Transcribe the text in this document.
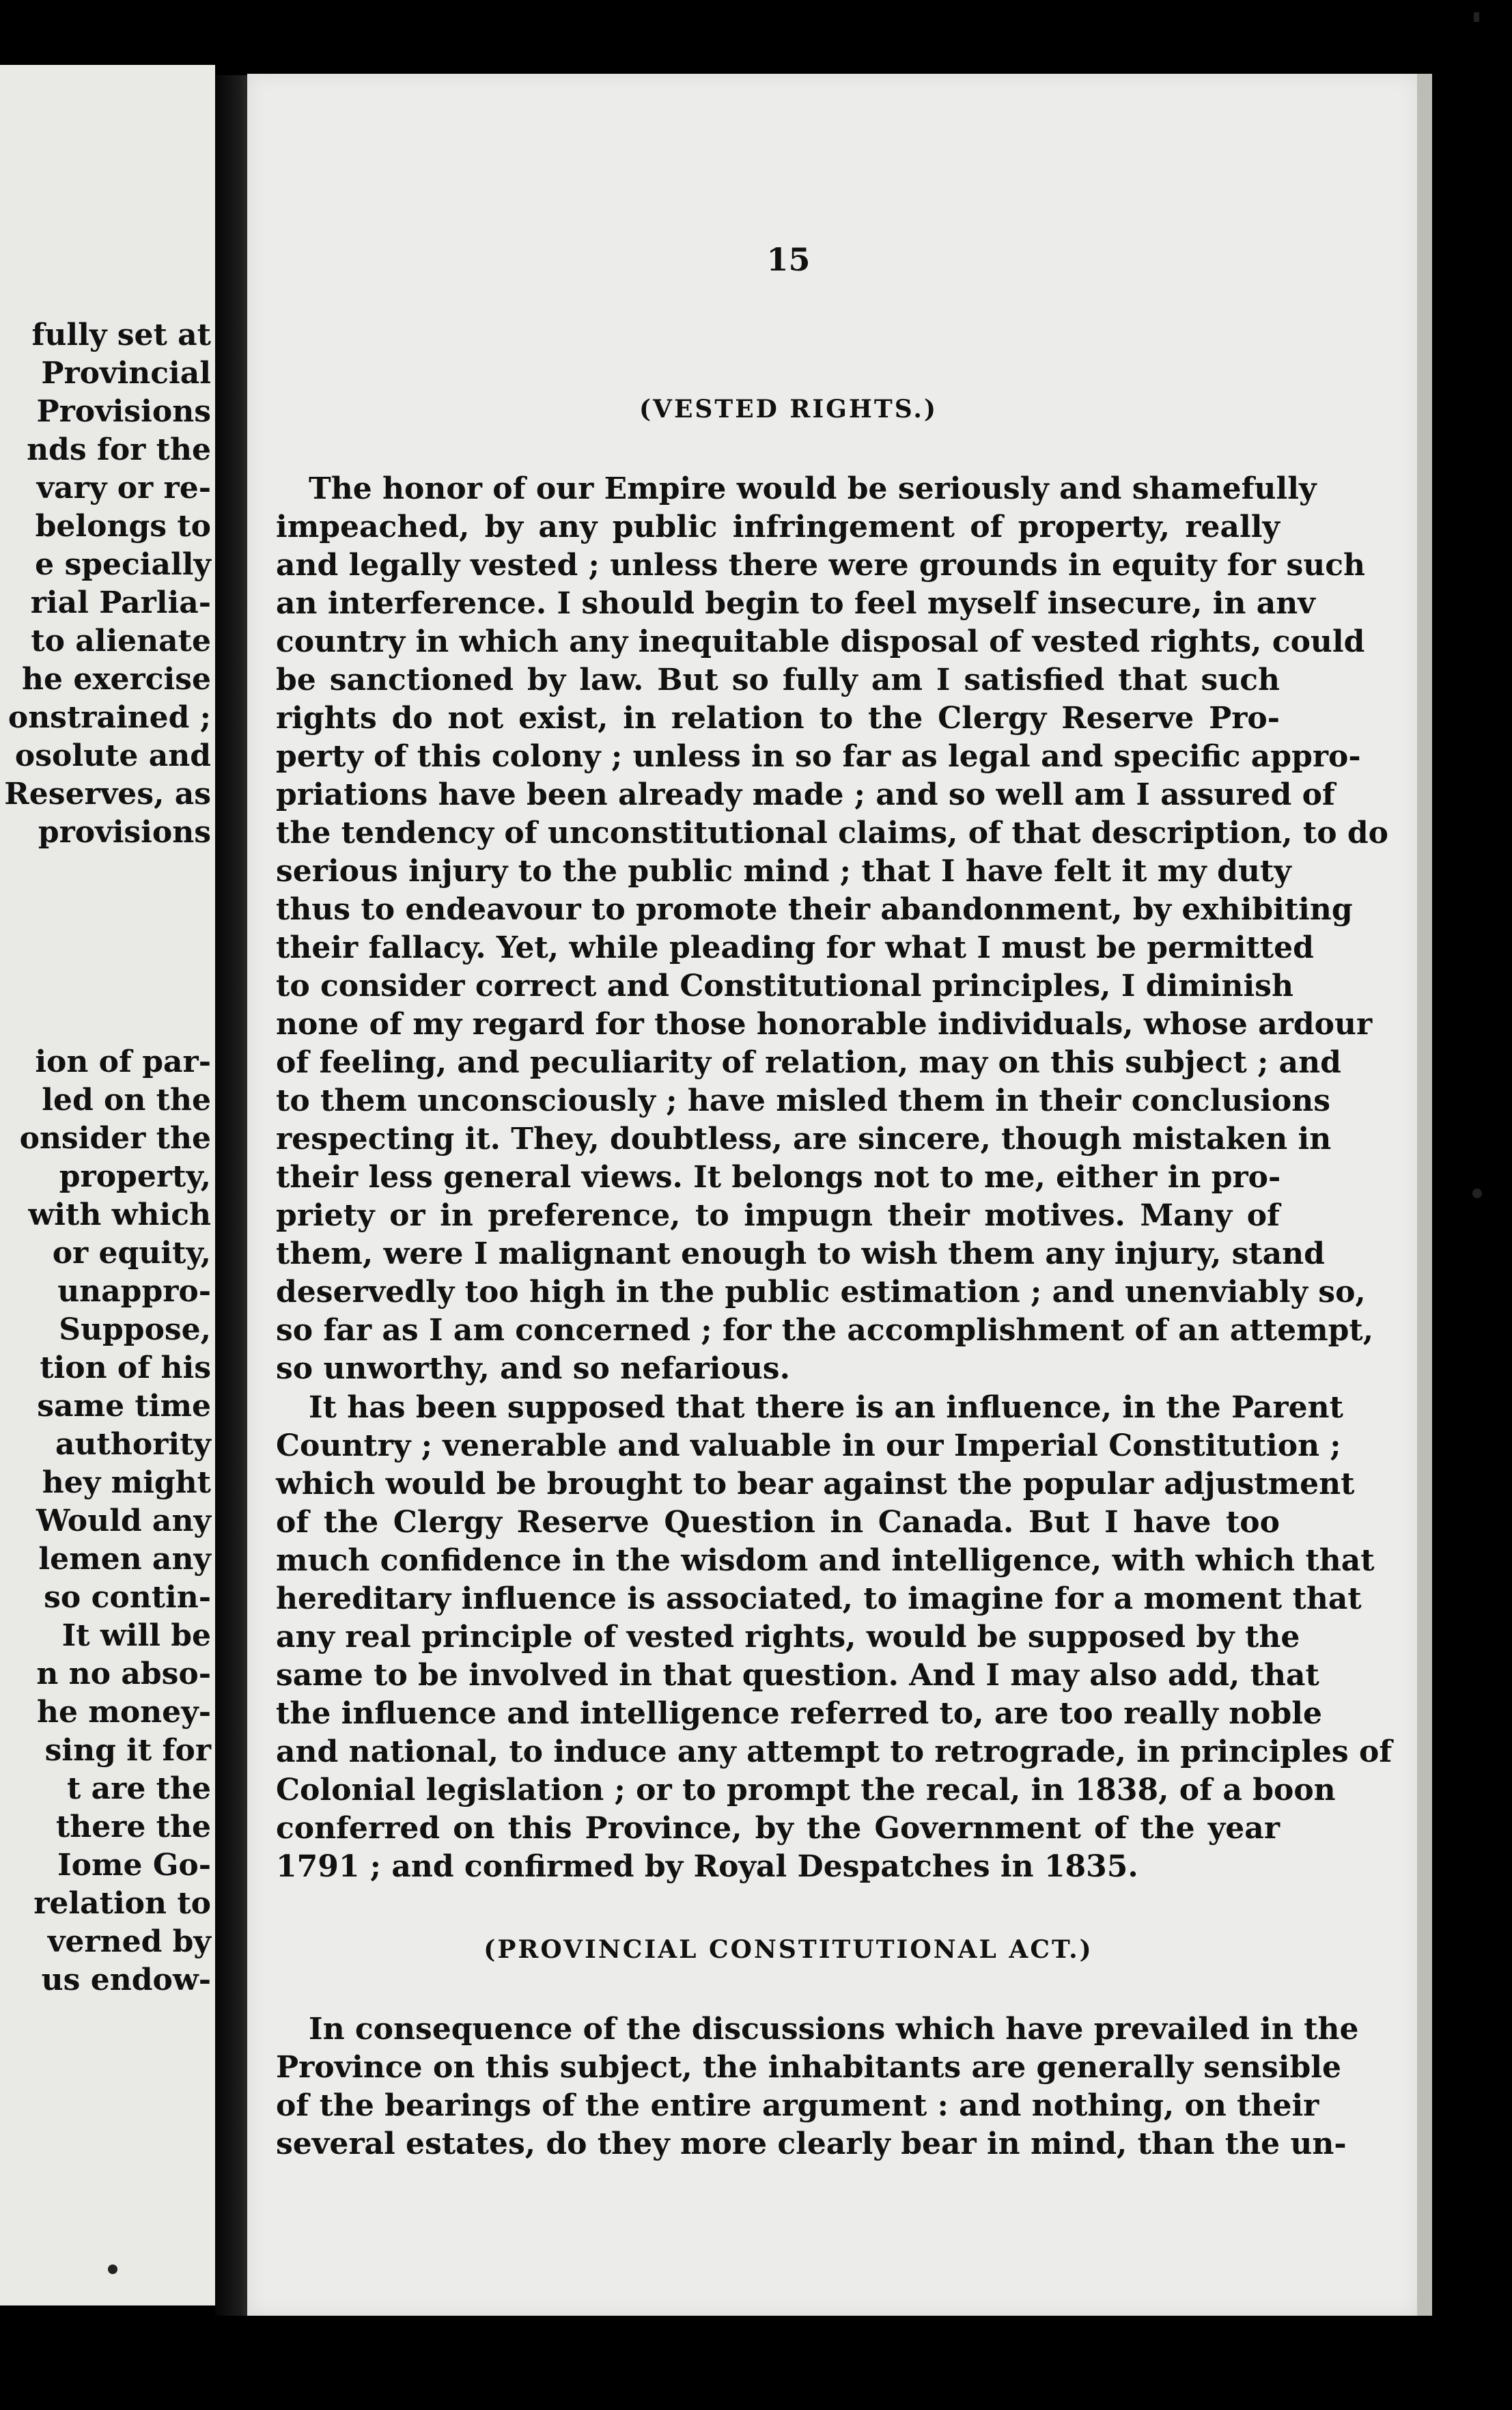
fully set at
Provincial
Provisions
nds for the
vary or re-
belongs to
e specially
rial Parlia-
to alienate
he exercise
onstrained ;
osolute and
Reserves, as
provisions
ion of par-
led on the
onsider the
property,
with which
or equity,
unappro-
Suppose,
tion of his
same time
authority
hey might
Would any
lemen any
so contin-
It will be
n no abso-
he money-
sing it for
t are the
there the
Iome Go-
relation to
verned by
us endow-
15
(VESTED RIGHTS.)
The honor of our Empire would be seriously and shamefully
impeached, by any public infringement of property, really
and legally vested ; unless there were grounds in equity for such
an interference. I should begin to feel myself insecure, in anv
country in which any inequitable disposal of vested rights, could
be sanctioned by law. But so fully am I satisfied that such
rights do not exist, in relation to the Clergy Reserve Pro-
perty of this colony ; unless in so far as legal and specific appro-
priations have been already made ; and so well am I assured of
the tendency of unconstitutional claims, of that description, to do
serious injury to the public mind ; that I have felt it my duty
thus to endeavour to promote their abandonment, by exhibiting
their fallacy. Yet, while pleading for what I must be permitted
to consider correct and Constitutional principles, I diminish
none of my regard for those honorable individuals, whose ardour
of feeling, and peculiarity of relation, may on this subject ; and
to them unconsciously ; have misled them in their conclusions
respecting it. They, doubtless, are sincere, though mistaken in
their less general views. It belongs not to me, either in pro-
priety or in preference, to impugn their motives. Many of
them, were I malignant enough to wish them any injury, stand
deservedly too high in the public estimation ; and unenviably so,
so far as I am concerned ; for the accomplishment of an attempt,
so unworthy, and so nefarious.
It has been supposed that there is an influence, in the Parent
Country ; venerable and valuable in our Imperial Constitution ;
which would be brought to bear against the popular adjustment
of the Clergy Reserve Question in Canada. But I have too
much confidence in the wisdom and intelligence, with which that
hereditary influence is associated, to imagine for a moment that
any real principle of vested rights, would be supposed by the
same to be involved in that question. And I may also add, that
the influence and intelligence referred to, are too really noble
and national, to induce any attempt to retrograde, in principles of
Colonial legislation ; or to prompt the recal, in 1838, of a boon
conferred on this Province, by the Government of the year
1791 ; and confirmed by Royal Despatches in 1835.
(PROVINCIAL CONSTITUTIONAL ACT.)
In consequence of the discussions which have prevailed in the
Province on this subject, the inhabitants are generally sensible
of the bearings of the entire argument : and nothing, on their
several estates, do they more clearly bear in mind, than the un-
